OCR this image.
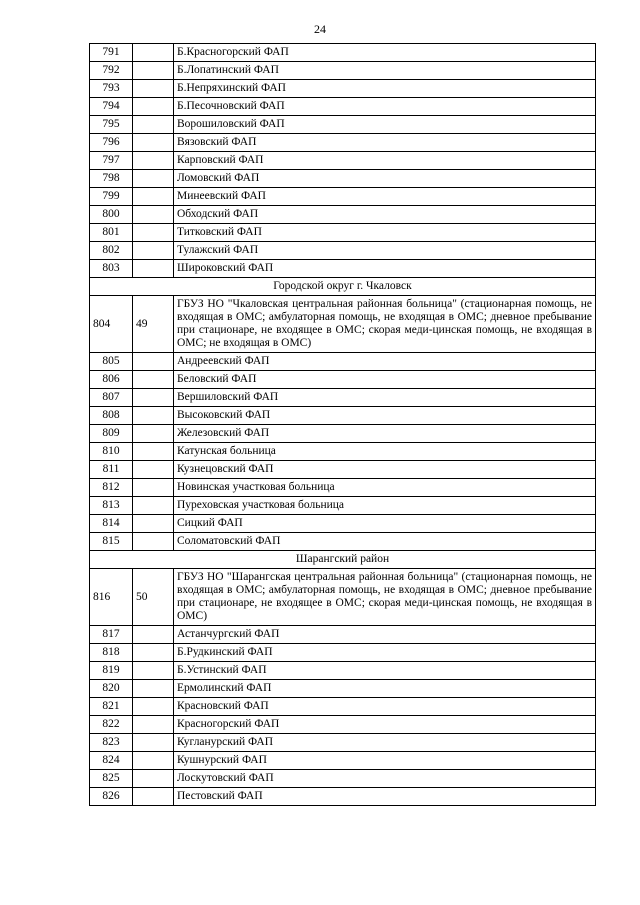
24
791		Б.Красногорский ФАП
792		Б.Лопатинский ФАП
793		Б.Непряхинский ФАП
794		Б.Песочновский ФАП
795		Ворошиловский ФАП
796		Вязовский ФАП
797		Карповский ФАП
798		Ломовский ФАП
799		Минеевский ФАП
800		Обходский ФАП
801		Титковский ФАП
802		Тулажский ФАП
803		Широковский ФАП
Городской округ г. Чкаловск		
804	49	ГБУЗ НО "Чкаловская центральная районная больница" (стационарная помощь, не входящая в ОМС; амбулаторная помощь, не входящая в ОМС; дневное пребывание при стационаре, не входящее в ОМС; скорая меди-цинская помощь, не входящая в ОМС; не входящая в ОМС)
805		Андреевский ФАП
806		Беловский ФАП
807		Вершиловский ФАП
808		Высоковский ФАП
809		Железовский ФАП
810		Катунская больница
811		Кузнецовский ФАП
812		Новинская участковая больница
813		Пуреховская участковая больница
814		Сицкий ФАП
815		Соломатовский ФАП
Шарангский район		
816	50	ГБУЗ НО "Шарангская центральная районная больница" (стационарная помощь, не входящая в ОМС; амбулаторная помощь, не входящая в ОМС; дневное пребывание при стационаре, не входящее в ОМС; скорая меди-цинская помощь, не входящая в ОМС)
817		Астанчургский ФАП
818		Б.Рудкинский ФАП
819		Б.Устинский ФАП
820		Ермолинский ФАП
821		Красновский ФАП
822		Красногорский ФАП
823		Кугланурский ФАП
824		Кушнурский ФАП
825		Лоскутовский ФАП
826		Пестовский ФАП
